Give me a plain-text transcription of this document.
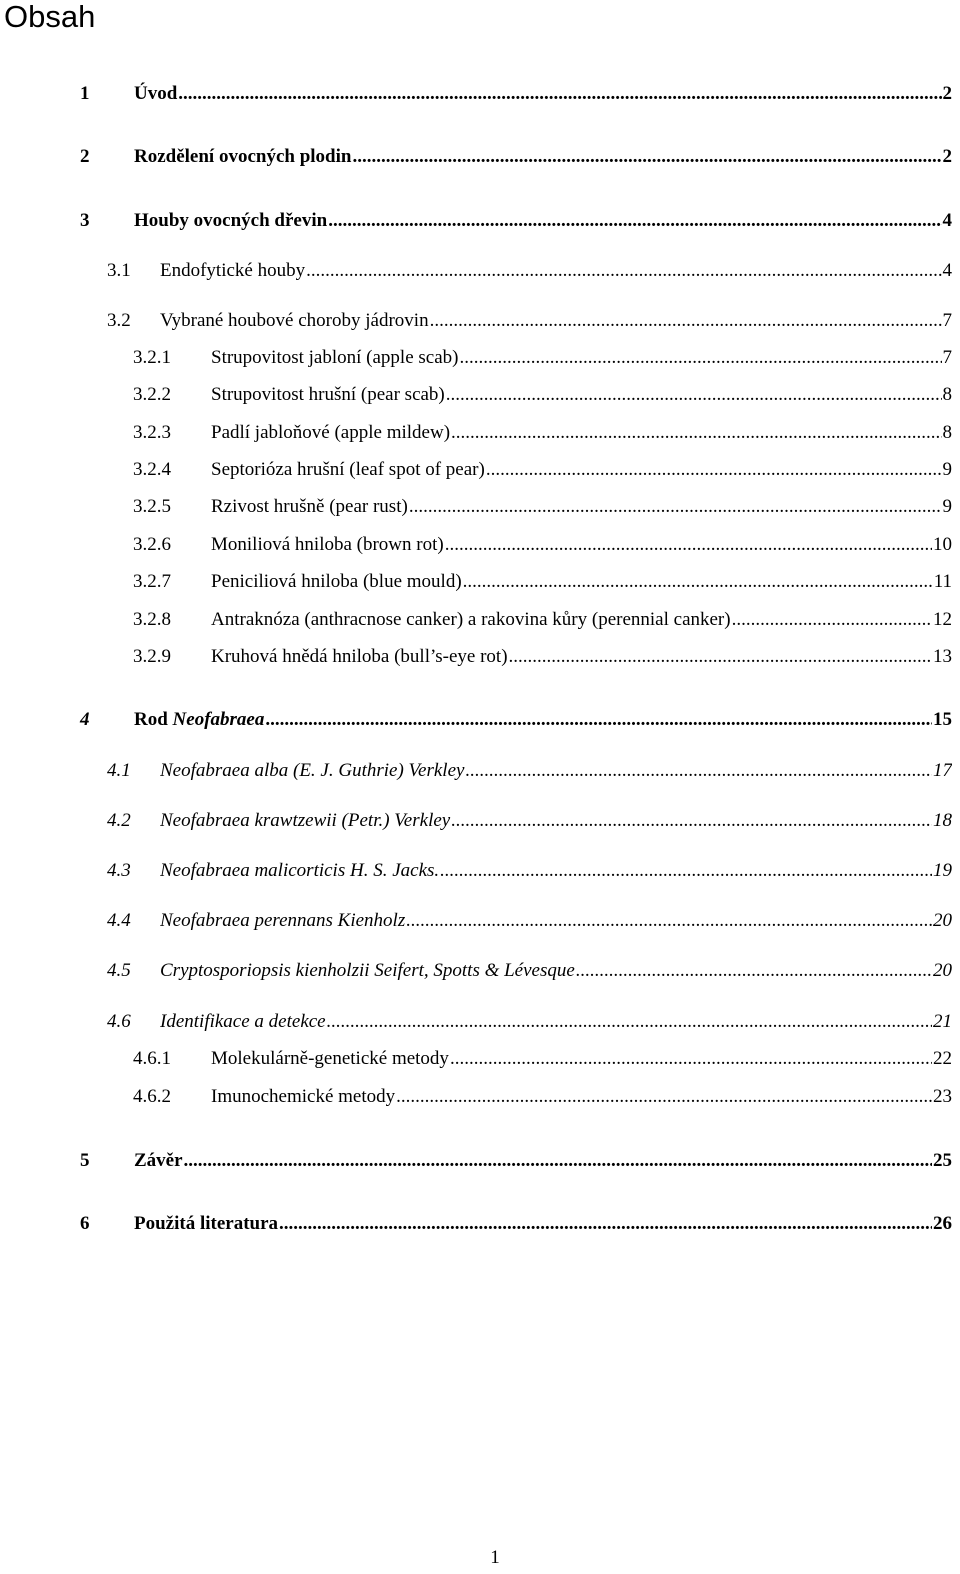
Obsah
1 Úvod .....	2
2 Rozdělení ovocných plodin .....	2
3 Houby ovocných dřevin .....	4
3.1 Endofytické houby .....	4
3.2 Vybrané houbové choroby jádrovin .....	7
3.2.1 Strupovitost jabloní (apple scab) .....	7
3.2.2 Strupovitost hrušní (pear scab) .....	8
3.2.3 Padlí jabloňové (apple mildew) .....	8
3.2.4 Septorióza hrušní (leaf spot of pear) .....	9
3.2.5 Rzivost hrušně (pear rust) .....	9
3.2.6 Moniliová hniloba (brown rot) .....	10
3.2.7 Peniciliová hniloba (blue mould) .....	11
3.2.8 Antraknóza (anthracnose canker) a rakovina kůry (perennial canker) .....	12
3.2.9 Kruhová hnědá hniloba (bull’s-eye rot) .....	13
4 Rod Neofabraea .....	15
4.1 Neofabraea alba (E. J. Guthrie) Verkley .....	17
4.2 Neofabraea krawtzewii (Petr.) Verkley .....	18
4.3 Neofabraea malicorticis H. S. Jacks. .....	19
4.4 Neofabraea perennans Kienholz .....	20
4.5 Cryptosporiopsis kienholzii Seifert, Spotts & Lévesque .....	20
4.6 Identifikace a detekce .....	21
4.6.1 Molekulárně-genetické metody .....	22
4.6.2 Imunochemické metody .....	23
5 Závěr .....	25
6 Použitá literatura .....	26
1
